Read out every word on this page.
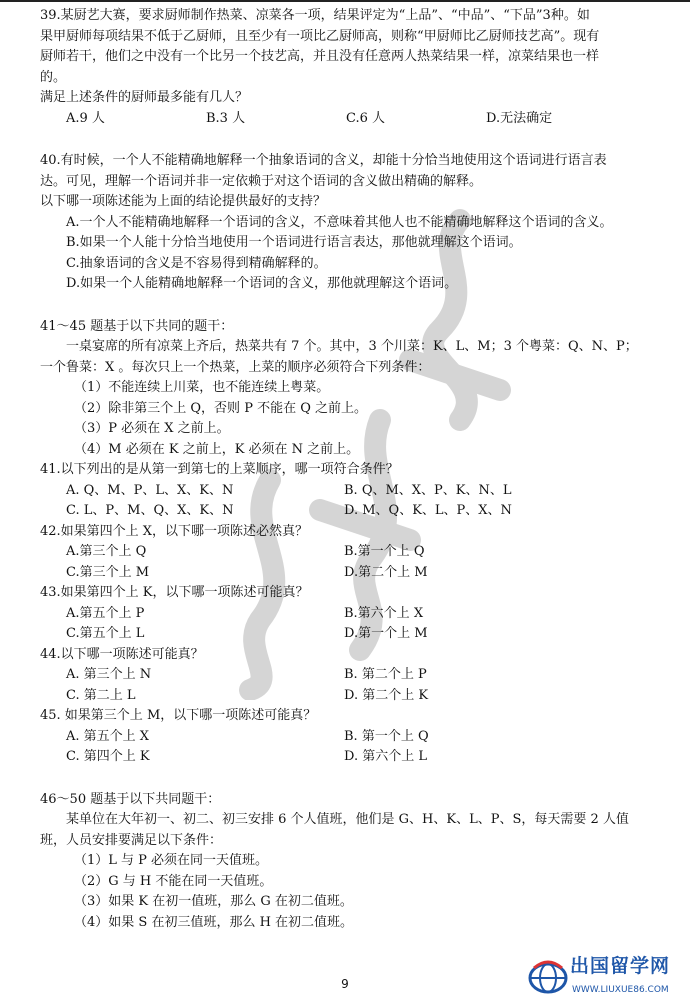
39.某厨艺大赛，要求厨师制作热菜、凉菜各一项，结果评定为“上品”、“中品”、“下品”3种。如
果甲厨师每项结果不低于乙厨师，且至少有一项比乙厨师高，则称“甲厨师比乙厨师技艺高”。现有
厨师若干，他们之中没有一个比另一个技艺高，并且没有任意两人热菜结果一样，凉菜结果也一样
的。
满足上述条件的厨师最多能有几人？
A.9 人	B.3 人	C.6 人	D.无法确定
40.有时候，一个人不能精确地解释一个抽象语词的含义，却能十分恰当地使用这个语词进行语言表
达。可见，理解一个语词并非一定依赖于对这个语词的含义做出精确的解释。
以下哪一项陈述能为上面的结论提供最好的支持？
A.一个人不能精确地解释一个语词的含义，不意味着其他人也不能精确地解释这个语词的含义。
B.如果一个人能十分恰当地使用一个语词进行语言表达，那他就理解这个语词。
C.抽象语词的含义是不容易得到精确解释的。
D.如果一个人能精确地解释一个语词的含义，那他就理解这个语词。
41～45 题基于以下共同的题干：
一桌宴席的所有凉菜上齐后，热菜共有 7 个。其中，3 个川菜：K、L、M；3 个粤菜：Q、N、P；
一个鲁菜：X 。每次只上一个热菜，上菜的顺序必须符合下列条件：
（1）不能连续上川菜，也不能连续上粤菜。
（2）除非第三个上 Q，否则 P 不能在 Q 之前上。
（3）P 必须在 X 之前上。
（4）M 必须在 K 之前上，K 必须在 N 之前上。
41.以下列出的是从第一到第七的上菜顺序，哪一项符合条件？
A. Q、M、P、L、X、K、N	B. Q、M、X、P、K、N、L
C. L、P、M、Q、X、K、N	D. M、Q、K、L、P、X、N
42.如果第四个上 X，以下哪一项陈述必然真？
A.第三个上 Q	B.第一个上 Q
C.第三个上 M	D.第二个上 M
43.如果第四个上 K，以下哪一项陈述可能真？
A.第五个上 P	B.第六个上 X
C.第五个上 L	D.第一个上 M
44.以下哪一项陈述可能真？
A. 第三个上 N	B. 第二个上 P
C. 第二上 L	D. 第二个上 K
45. 如果第三个上 M，以下哪一项陈述可能真？
A. 第五个上 X	B. 第一个上 Q
C. 第四个上 K	D. 第六个上 L
46～50 题基于以下共同题干：
某单位在大年初一、初二、初三安排 6 个人值班，他们是 G、H、K、L、P、S，每天需要 2 人值
班，人员安排要满足以下条件：
（1）L 与 P 必须在同一天值班。
（2）G 与 H 不能在同一天值班。
（3）如果 K 在初一值班，那么 G 在初二值班。
（4）如果 S 在初三值班，那么 H 在初二值班。
9
出国留学网
WWW.LIUXUE86.COM
